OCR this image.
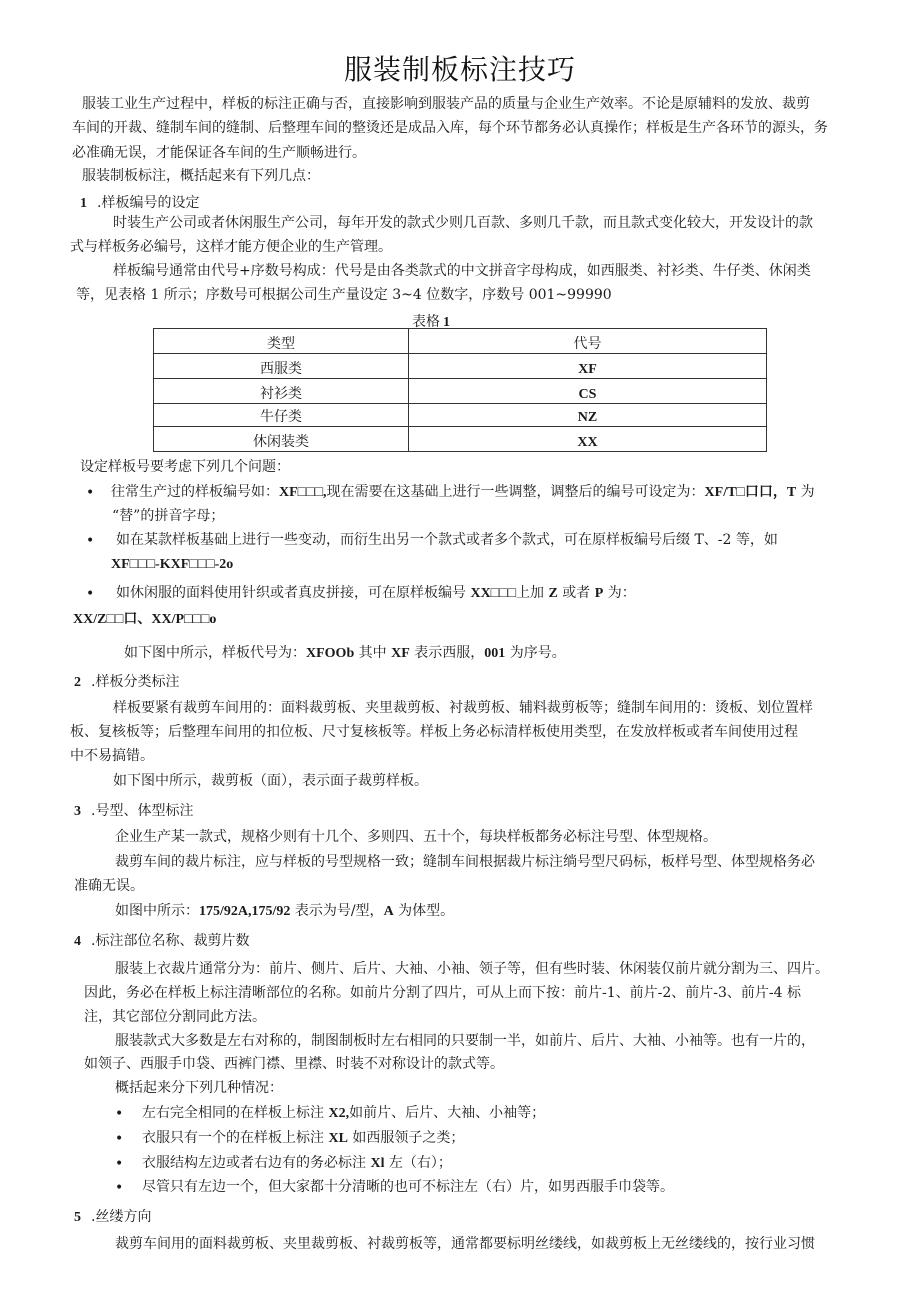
服装制板标注技巧
服装工业生产过程中，样板的标注正确与否，直接影响到服装产品的质量与企业生产效率。不论是原辅料的发放、裁剪
车间的开裁、缝制车间的缝制、后整理车间的整烫还是成品入库，每个环节都务必认真操作；样板是生产各环节的源头，务
必准确无误，才能保证各车间的生产顺畅进行。
服装制板标注，概括起来有下列几点：
1 .样板编号的设定
时装生产公司或者休闲服生产公司，每年开发的款式少则几百款、多则几千款，而且款式变化较大，开发设计的款
式与样板务必编号，这样才能方便企业的生产管理。
样板编号通常由代号+序数号构成：代号是由各类款式的中文拼音字母构成，如西服类、衬衫类、牛仔类、休闲类
等，见表格 1 所示；序数号可根据公司生产量设定 3~4 位数字，序数号 001~99990
表格 1
类型	代号
西服类	XF
衬衫类	CS
牛仔类	NZ
休闲装类	XX
设定样板号要考虑下列几个问题：
• 往常生产过的样板编号如：XF□□□,现在需要在这基础上进行一些调整，调整后的编号可设定为：XF/T□口口，T 为
“替”的拼音字母；
• 如在某款样板基础上进行一些变动，而衍生出另一个款式或者多个款式，可在原样板编号后缀 T、-2 等，如
XF□□□-KXF□□□-2o
• 如休闲服的面料使用针织或者真皮拼接，可在原样板编号 XX□□□上加 Z 或者 P 为：
XX/Z□□口、XX/P□□□o
如下图中所示，样板代号为：XFOOb 其中 XF 表示西服，001 为序号。
2 .样板分类标注
样板要紧有裁剪车间用的：面料裁剪板、夹里裁剪板、衬裁剪板、辅料裁剪板等；缝制车间用的：烫板、划位置样
板、复核板等；后整理车间用的扣位板、尺寸复核板等。样板上务必标清样板使用类型，在发放样板或者车间使用过程
中不易搞错。
如下图中所示，裁剪板（面），表示面子裁剪样板。
3 .号型、体型标注
企业生产某一款式，规格少则有十几个、多则四、五十个，每块样板都务必标注号型、体型规格。
裁剪车间的裁片标注，应与样板的号型规格一致；缝制车间根据裁片标注绱号型尺码标，板样号型、体型规格务必
准确无误。
如图中所示：175/92A,175/92 表示为号/型，A 为体型。
4 .标注部位名称、裁剪片数
服装上衣裁片通常分为：前片、侧片、后片、大袖、小袖、领子等，但有些时装、休闲装仅前片就分割为三、四片。
因此，务必在样板上标注清晰部位的名称。如前片分割了四片，可从上而下按：前片-1、前片-2、前片-3、前片-4 标
注，其它部位分割同此方法。
服装款式大多数是左右对称的，制图制板时左右相同的只要制一半，如前片、后片、大袖、小袖等。也有一片的，
如领子、西服手巾袋、西裤门襟、里襟、时装不对称设计的款式等。
概括起来分下列几种情况：
• 左右完全相同的在样板上标注 X2,如前片、后片、大袖、小袖等；
• 衣服只有一个的在样板上标注 XL 如西服领子之类；
• 衣服结构左边或者右边有的务必标注 Xl 左（右）；
• 尽管只有左边一个，但大家都十分清晰的也可不标注左（右）片，如男西服手巾袋等。
5 .丝缕方向
裁剪车间用的面料裁剪板、夹里裁剪板、衬裁剪板等，通常都要标明丝缕线，如裁剪板上无丝缕线的，按行业习惯
